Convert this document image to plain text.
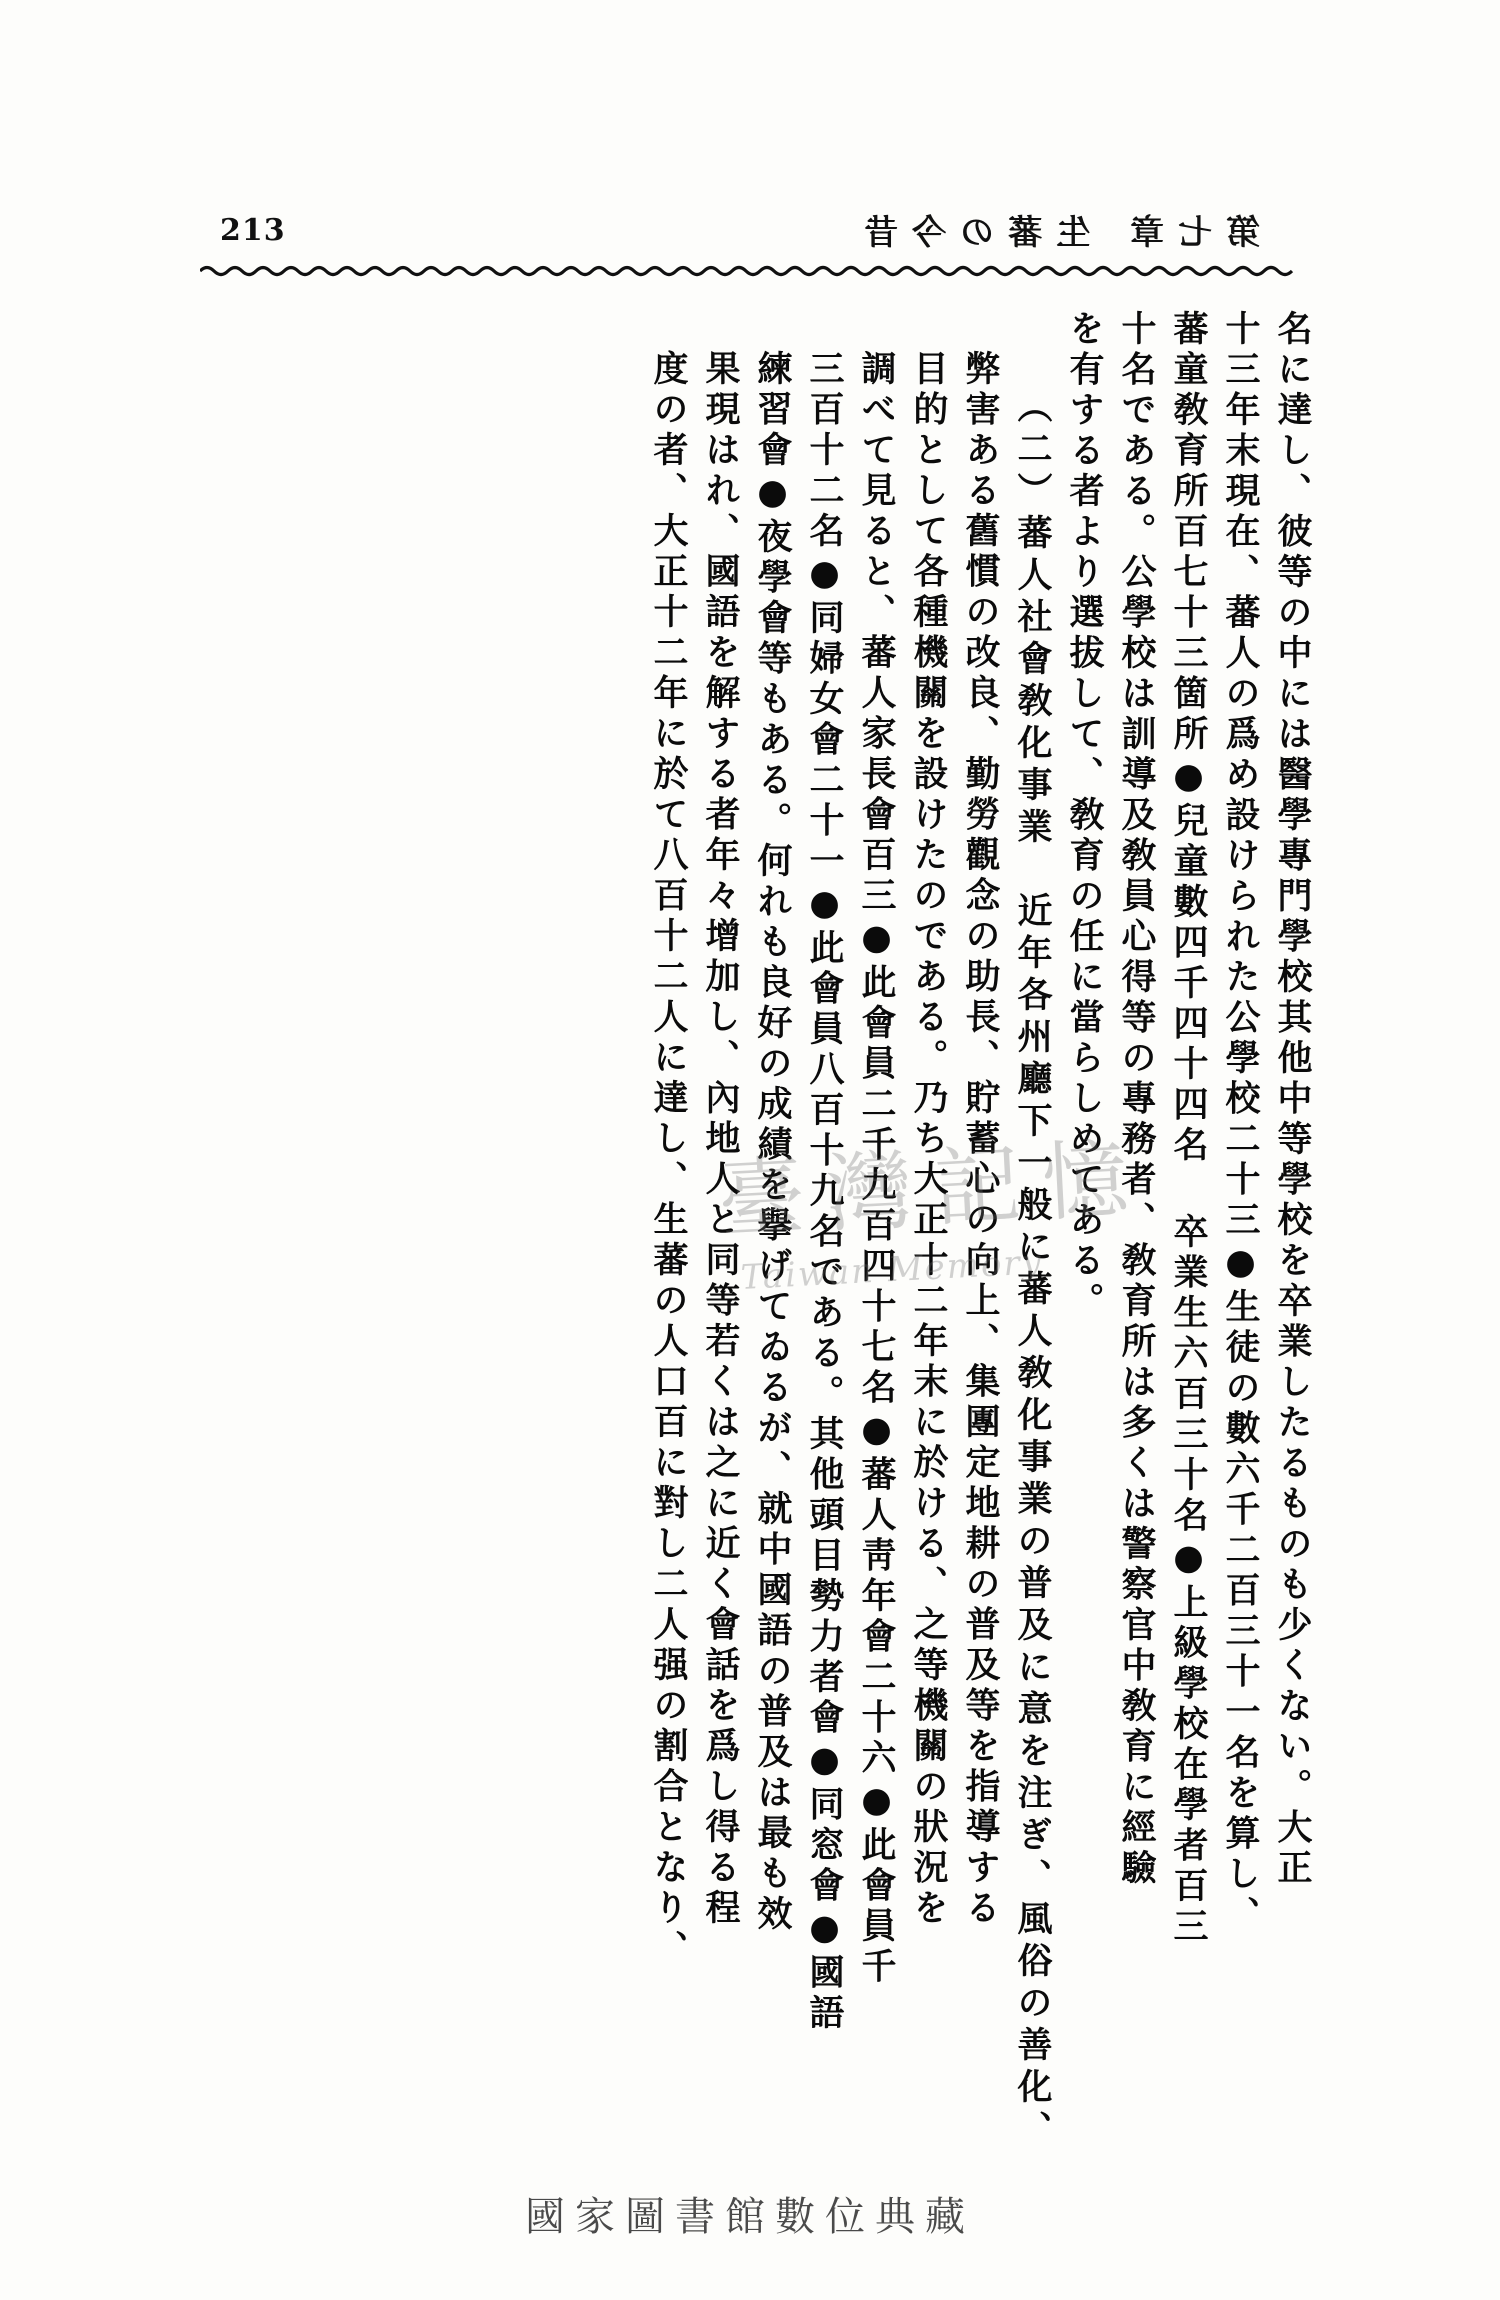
213	第七章 生蕃の今昔
名に達し、彼等の中には醫學專門學校其他中等學校を卒業したるものも少くない。大正
十三年末現在、蕃人の爲め設けられた公學校二十三●生徒の數六千二百三十一名を算し、
蕃童敎育所百七十三箇所●兒童數四千四十四名 卒業生六百三十名●上級學校在學者百三
十名である。公學校は訓導及敎員心得等の專務者、敎育所は多くは警察官中敎育に經驗
を有する者より選拔して、敎育の任に當らしめてある。
（二）蕃人社會敎化事業　近年各州廳下一般に蕃人敎化事業の普及に意を注ぎ、風俗の善化、
弊害ある舊慣の改良、勤勞觀念の助長、貯蓄心の向上、集團定地耕の普及等を指導する
目的として各種機關を設けたのである。乃ち大正十二年末に於ける、之等機關の狀況を
調べて見ると、蕃人家長會百三●此會員二千九百四十七名●蕃人靑年會二十六●此會員千
三百十二名●同婦女會二十一●此會員八百十九名である。其他頭目勢力者會●同窓會●國語
練習會●夜學會等もある。何れも良好の成績を擧げてゐるが、就中國語の普及は最も效
果現はれ、國語を解する者年々增加し、內地人と同等若くは之に近く會話を爲し得る程
度の者、大正十二年に於て八百十二人に達し、生蕃の人口百に對し二人强の割合となり、 臺灣記憶
Taiwan Memory
國家圖書館數位典藏
